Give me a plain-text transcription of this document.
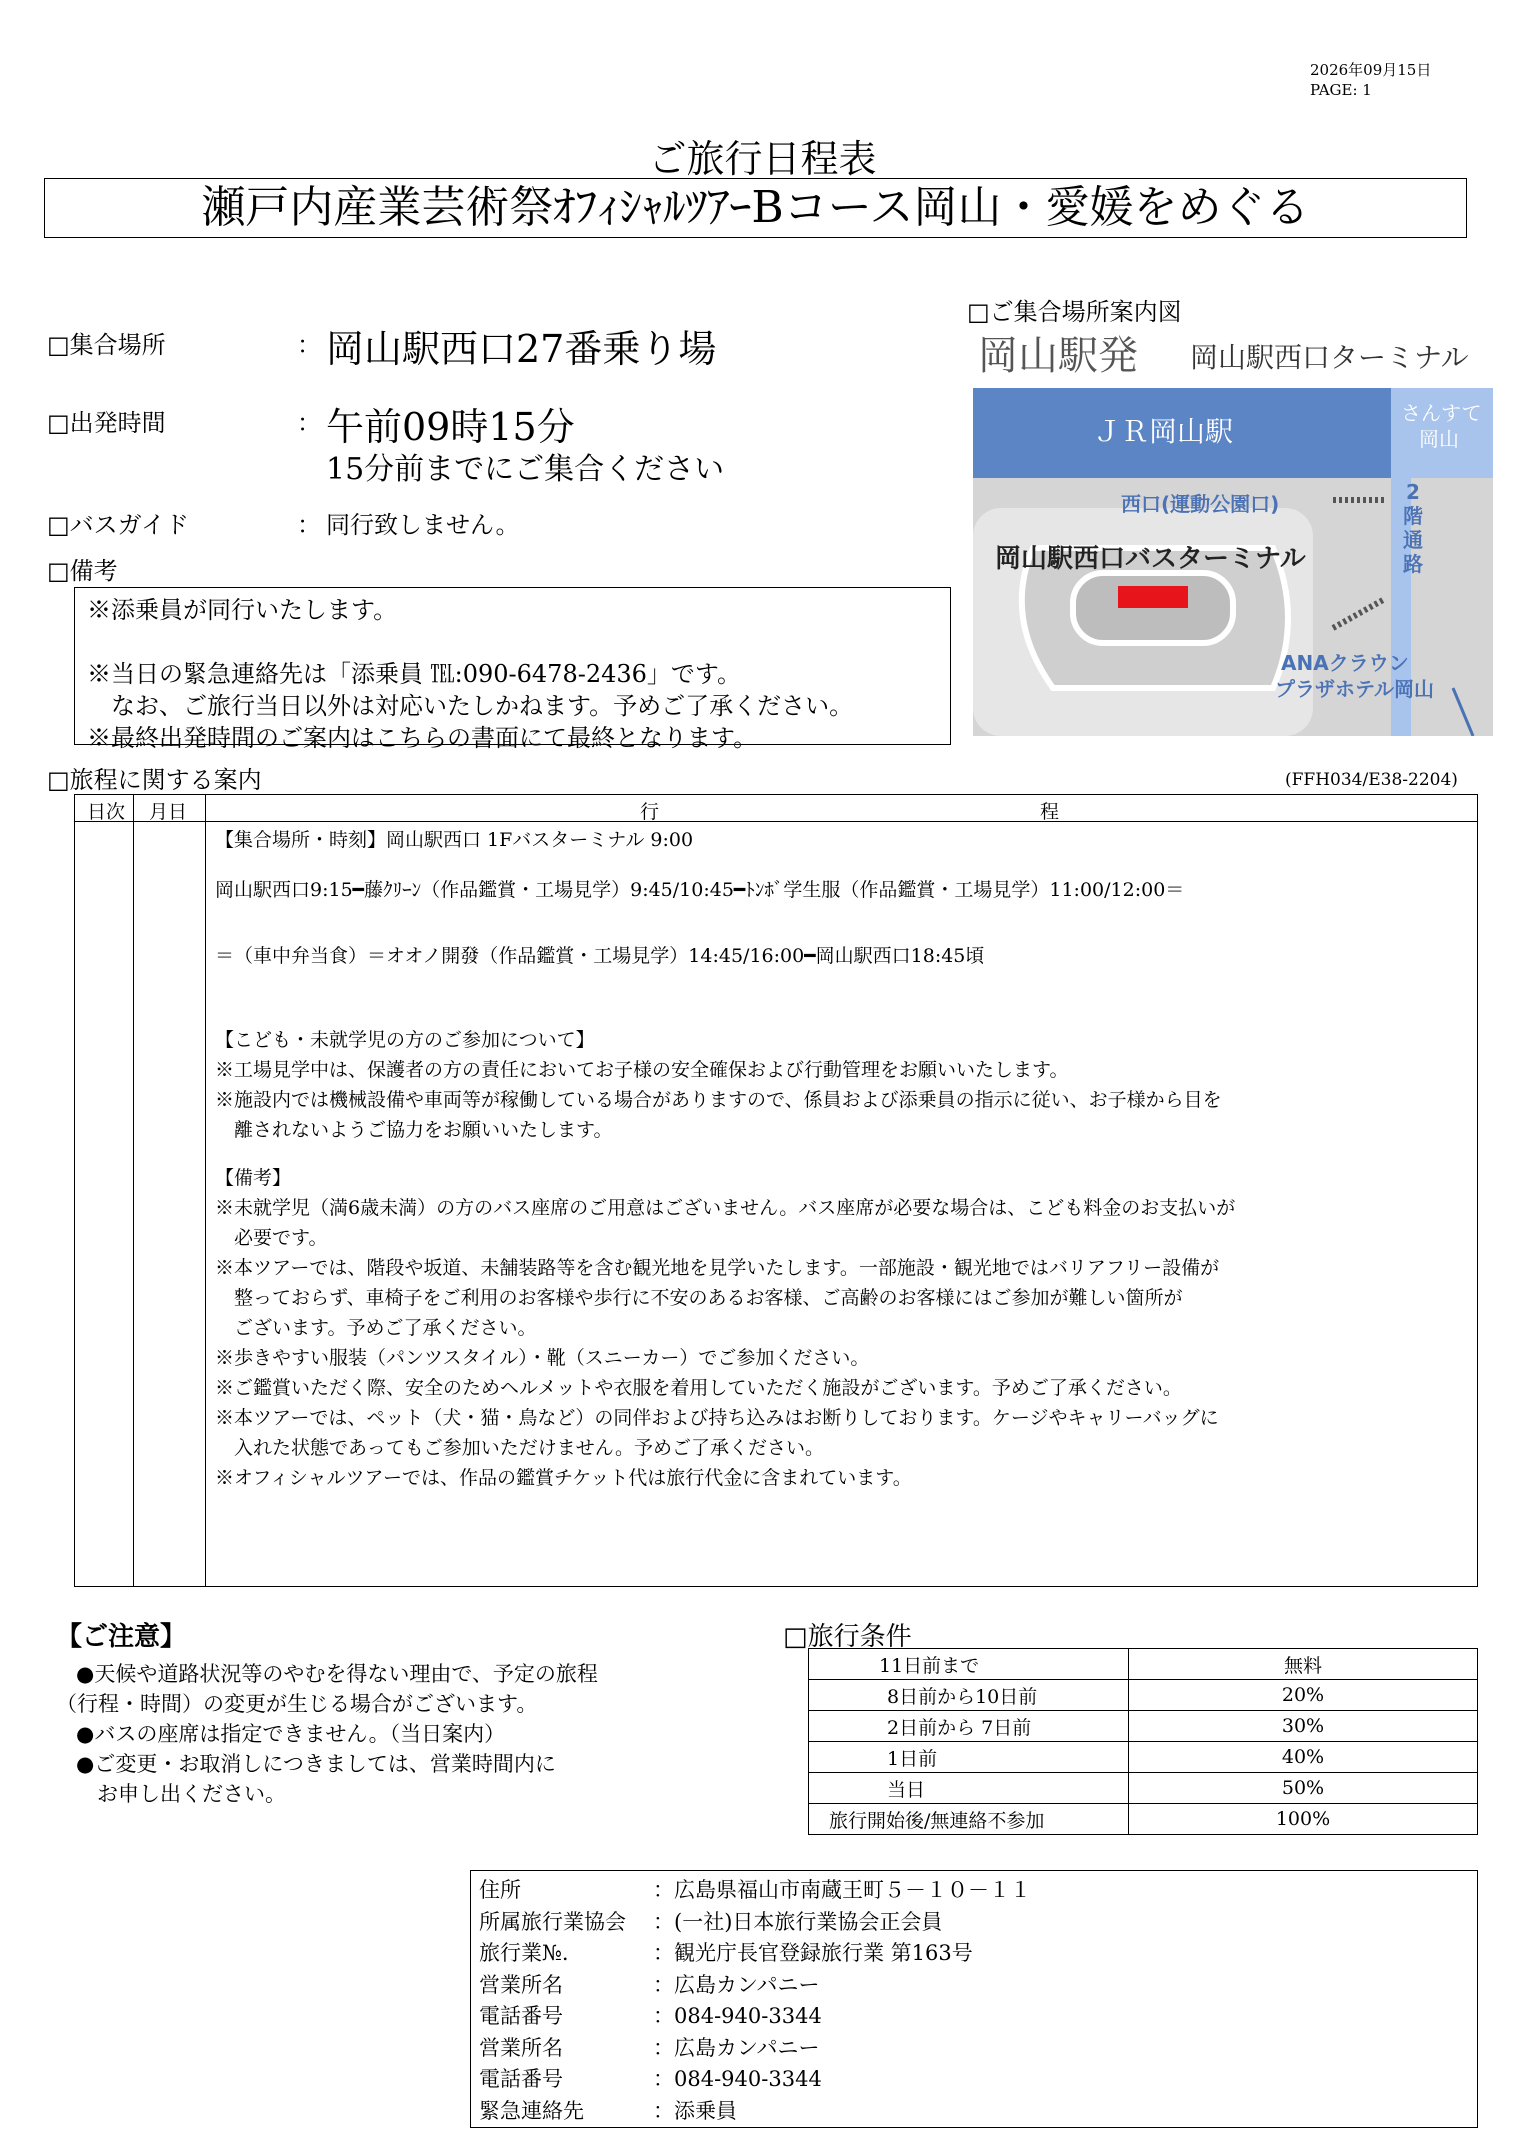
2026年09月15日
PAGE: 1
ご旅行日程表
瀬戸内産業芸術祭ｵﾌｨｼｬﾙﾂｱｰBコース岡山・愛媛をめぐる
□集合場所	： 岡山駅西口27番乗り場
□出発時間	： 午前09時15分
15分前までにご集合ください
□バスガイド	： 同行致しません。
□備考
※添乗員が同行いたします。
※当日の緊急連絡先は「添乗員 ℡:090-6478-2436」です。
　なお、ご旅行当日以外は対応いたしかねます。予めご了承ください。
※最終出発時間のご案内はこちらの書面にて最終となります。
□ご集合場所案内図
岡山駅発 岡山駅西口ターミナル
ＪＲ岡山駅
さんすて
岡山
西口(運動公園口)	2
階
通
路
岡山駅西口バスターミナル
ANAクラウン
プラザホテル岡山
□旅程に関する案内	(FFH034/E38-2204)
日次 月日	行	程
【集合場所・時刻】岡山駅西口 1Fバスターミナル 9:00
岡山駅西口9:15━藤ｸﾘｰﾝ（作品鑑賞・工場見学）9:45/10:45━ﾄﾝﾎﾞ学生服（作品鑑賞・工場見学）11:00/12:00＝
＝（車中弁当食）＝オオノ開發（作品鑑賞・工場見学）14:45/16:00━岡山駅西口18:45頃
【こども・未就学児の方のご参加について】
※工場見学中は、保護者の方の責任においてお子様の安全確保および行動管理をお願いいたします。
※施設内では機械設備や車両等が稼働している場合がありますので、係員および添乗員の指示に従い、お子様から目を
　離されないようご協力をお願いいたします。
【備考】
※未就学児（満6歳未満）の方のバス座席のご用意はございません。バス座席が必要な場合は、こども料金のお支払いが
　必要です。
※本ツアーでは、階段や坂道、未舗装路等を含む観光地を見学いたします。一部施設・観光地ではバリアフリー設備が
　整っておらず、車椅子をご利用のお客様や歩行に不安のあるお客様、ご高齢のお客様にはご参加が難しい箇所が
　ございます。予めご了承ください。
※歩きやすい服装（パンツスタイル）・靴（スニーカー）でご参加ください。
※ご鑑賞いただく際、安全のためヘルメットや衣服を着用していただく施設がございます。予めご了承ください。
※本ツアーでは、ペット（犬・猫・鳥など）の同伴および持ち込みはお断りしております。ケージやキャリーバッグに
　入れた状態であってもご参加いただけません。予めご了承ください。
※オフィシャルツアーでは、作品の鑑賞チケット代は旅行代金に含まれています。
【ご注意】
●天候や道路状況等のやむを得ない理由で、予定の旅程
（行程・時間）の変更が生じる場合がございます。
●バスの座席は指定できません。（当日案内）
●ご変更・お取消しにつきましては、営業時間内に
　お申し出ください。
□旅行条件
11日前まで	無料
8日前から10日前	20%
2日前から 7日前	30%
1日前	40%
当日	50%
旅行開始後/無連絡不参加	100%
住所	：広島県福山市南蔵王町５－１０－１１
所属旅行業協会 ：(一社)日本旅行業協会正会員
旅行業№.	：観光庁長官登録旅行業 第163号
営業所名	：広島カンパニー
電話番号	：084-940-3344
営業所名	：広島カンパニー
電話番号	：084-940-3344
緊急連絡先	：添乗員
